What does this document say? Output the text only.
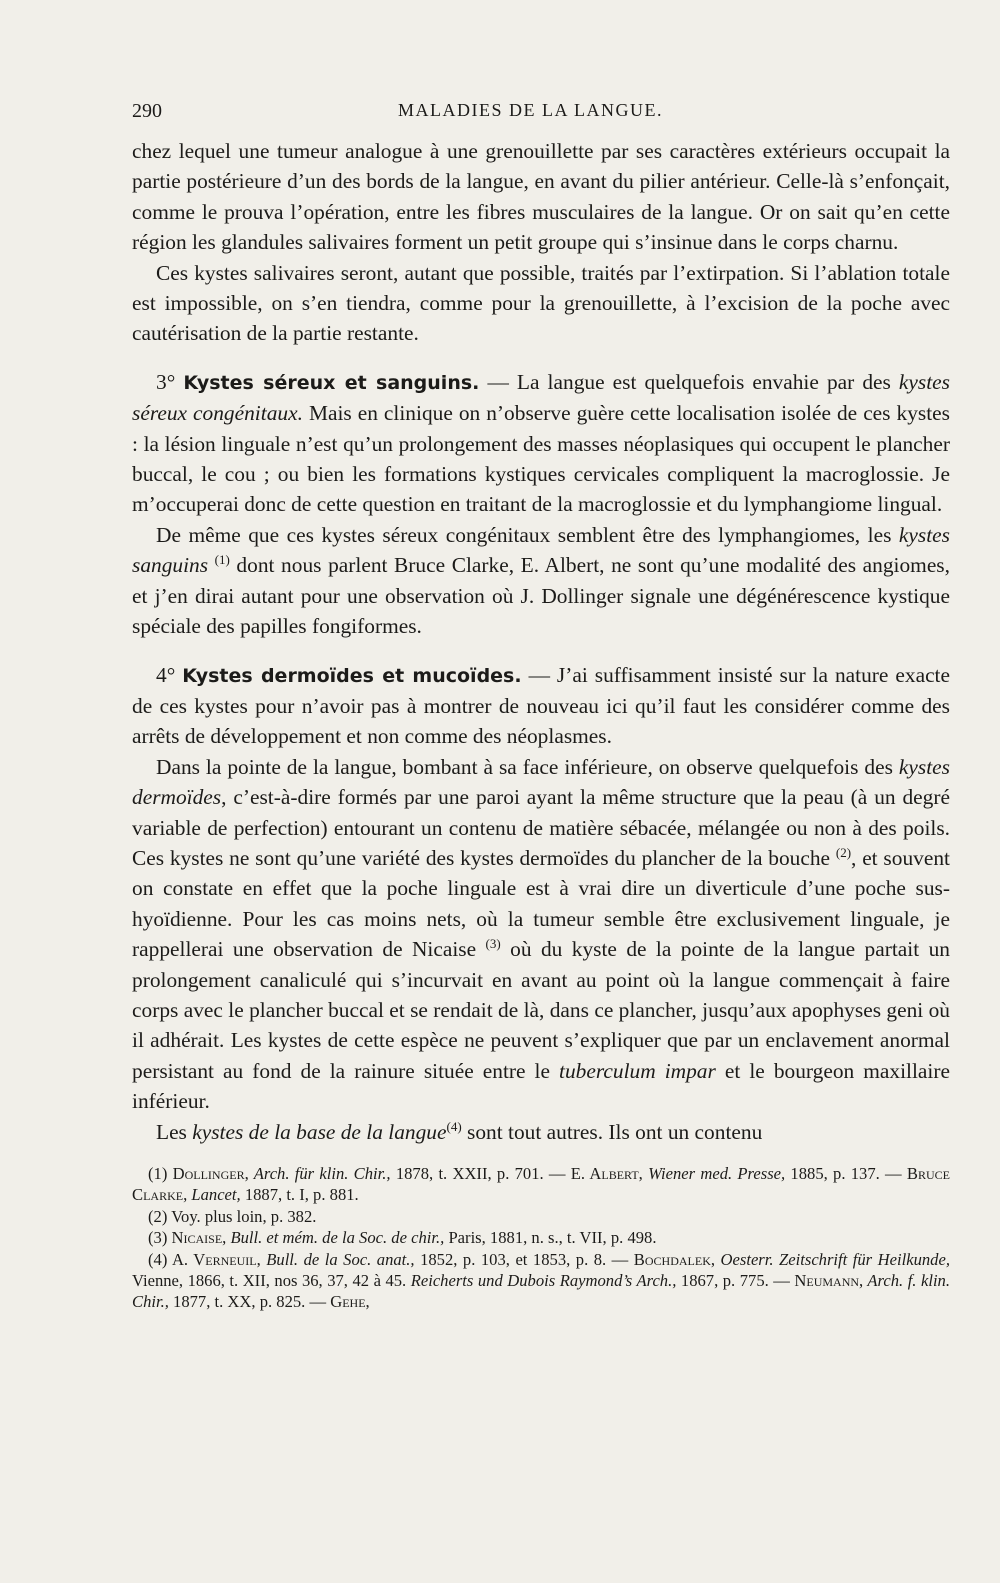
290	MALADIES DE LA LANGUE.

chez lequel une tumeur analogue à une grenouillette par ses caractères extérieurs occupait la partie postérieure d’un des bords de la langue, en avant du pilier antérieur. Celle-là s’enfonçait, comme le prouva l’opération, entre les fibres musculaires de la langue. Or on sait qu’en cette région les glandules salivaires forment un petit groupe qui s’insinue dans le corps charnu.

Ces kystes salivaires seront, autant que possible, traités par l’extirpation. Si l’ablation totale est impossible, on s’en tiendra, comme pour la grenouillette, à l’excision de la poche avec cautérisation de la partie restante.

3° Kystes séreux et sanguins. — La langue est quelquefois envahie par des kystes séreux congénitaux. Mais en clinique on n’observe guère cette localisation isolée de ces kystes : la lésion linguale n’est qu’un prolongement des masses néoplasiques qui occupent le plancher buccal, le cou ; ou bien les formations kystiques cervicales compliquent la macroglossie. Je m’occuperai donc de cette question en traitant de la macroglossie et du lymphangiome lingual.

De même que ces kystes séreux congénitaux semblent être des lymphangiomes, les kystes sanguins $^{(1)}$ dont nous parlent Bruce Clarke, E. Albert, ne sont qu’une modalité des angiomes, et j’en dirai autant pour une observation où J. Dollinger signale une dégénérescence kystique spéciale des papilles fongiformes.

4° Kystes dermoïdes et mucoïdes. — J’ai suffisamment insisté sur la nature exacte de ces kystes pour n’avoir pas à montrer de nouveau ici qu’il faut les considérer comme des arrêts de développement et non comme des néoplasmes.

Dans la pointe de la langue, bombant à sa face inférieure, on observe quelquefois des kystes dermoïdes, c’est-à-dire formés par une paroi ayant la même structure que la peau (à un degré variable de perfection) entourant un contenu de matière sébacée, mélangée ou non à des poils. Ces kystes ne sont qu’une variété des kystes dermoïdes du plancher de la bouche $^{(2)}$, et souvent on constate en effet que la poche linguale est à vrai dire un diverticule d’une poche sus-hyoïdienne. Pour les cas moins nets, où la tumeur semble être exclusivement linguale, je rappellerai une observation de Nicaise $^{(3)}$ où du kyste de la pointe de la langue partait un prolongement canaliculé qui s’incurvait en avant au point où la langue commençait à faire corps avec le plancher buccal et se rendait de là, dans ce plancher, jusqu’aux apophyses geni où il adhérait. Les kystes de cette espèce ne peuvent s’expliquer que par un enclavement anormal persistant au fond de la rainure située entre le tuberculum impar et le bourgeon maxillaire inférieur.

Les kystes de la base de la langue$^{(4)}$ sont tout autres. Ils ont un contenu

(1) Dollinger, Arch. für klin. Chir., 1878, t. XXII, p. 701. — E. Albert, Wiener med. Presse, 1885, p. 137. — Bruce Clarke, Lancet, 1887, t. I, p. 881.

(2) Voy. plus loin, p. 382.

(3) Nicaise, Bull. et mém. de la Soc. de chir., Paris, 1881, n. s., t. VII, p. 498.

(4) A. Verneuil, Bull. de la Soc. anat., 1852, p. 103, et 1853, p. 8. — Bochdalek, Oesterr. Zeitschrift für Heilkunde, Vienne, 1866, t. XII, nos 36, 37, 42 à 45. Reicherts und Dubois Raymond’s Arch., 1867, p. 775. — Neumann, Arch. f. klin. Chir., 1877, t. XX, p. 825. — Gehe,
